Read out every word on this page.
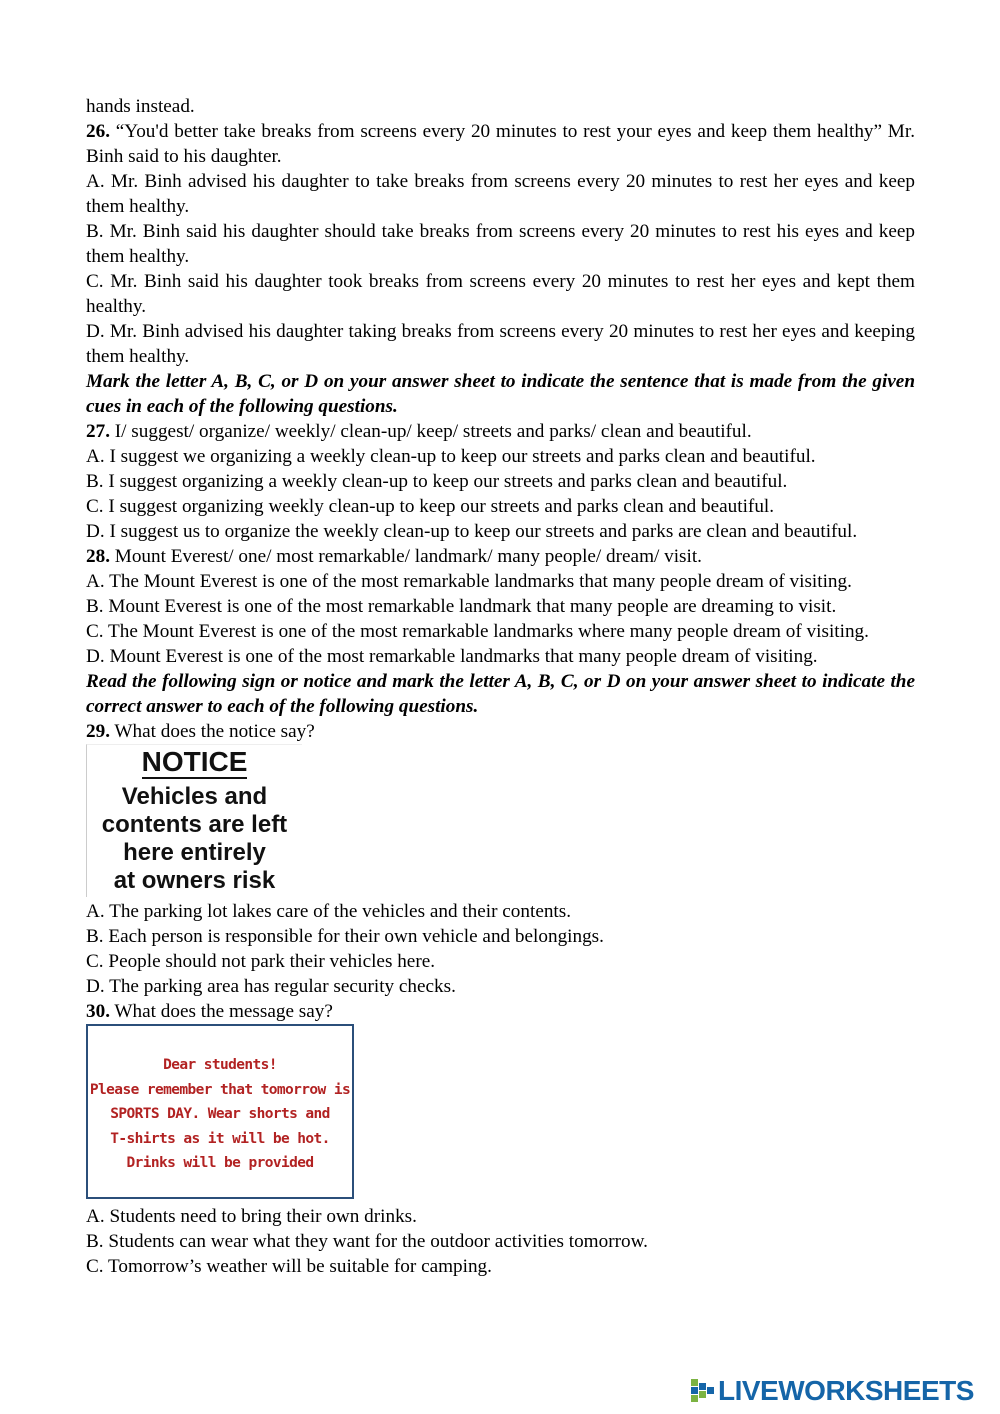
hands instead.

26. “You'd better take breaks from screens every 20 minutes to rest your eyes and keep them healthy” Mr. Binh said to his daughter.

A. Mr. Binh advised his daughter to take breaks from screens every 20 minutes to rest her eyes and keep them healthy.

B. Mr. Binh said his daughter should take breaks from screens every 20 minutes to rest his eyes and keep them healthy.

C. Mr. Binh said his daughter took breaks from screens every 20 minutes to rest her eyes and kept them healthy.

D. Mr. Binh advised his daughter taking breaks from screens every 20 minutes to rest her eyes and keeping them healthy.

Mark the letter A, B, C, or D on your answer sheet to indicate the sentence that is made from the given cues in each of the following questions.

27. I/ suggest/ organize/ weekly/ clean-up/ keep/ streets and parks/ clean and beautiful.

A. I suggest we organizing a weekly clean-up to keep our streets and parks clean and beautiful.

B. I suggest organizing a weekly clean-up to keep our streets and parks clean and beautiful.

C. I suggest organizing weekly clean-up to keep our streets and parks clean and beautiful.

D. I suggest us to organize the weekly clean-up to keep our streets and parks are clean and beautiful.

28. Mount Everest/ one/ most remarkable/ landmark/ many people/ dream/ visit.

A. The Mount Everest is one of the most remarkable landmarks that many people dream of visiting.

B. Mount Everest is one of the most remarkable landmark that many people are dreaming to visit.

C. The Mount Everest is one of the most remarkable landmarks where many people dream of visiting.

D. Mount Everest is one of the most remarkable landmarks that many people dream of visiting.

Read the following sign or notice and mark the letter A, B, C, or D on your answer sheet to indicate the correct answer to each of the following questions.

29. What does the notice say?

NOTICE
Vehicles and
contents are left
here entirely
at owners risk

A. The parking lot lakes care of the vehicles and their contents.

B. Each person is responsible for their own vehicle and belongings.

C. People should not park their vehicles here.

D. The parking area has regular security checks.

30. What does the message say?

Dear students!
Please remember that tomorrow is
SPORTS DAY. Wear shorts and
T-shirts as it will be hot.
Drinks will be provided

A. Students need to bring their own drinks.

B. Students can wear what they want for the outdoor activities tomorrow.

C. Tomorrow’s weather will be suitable for camping.

LIVEWORKSHEETS
